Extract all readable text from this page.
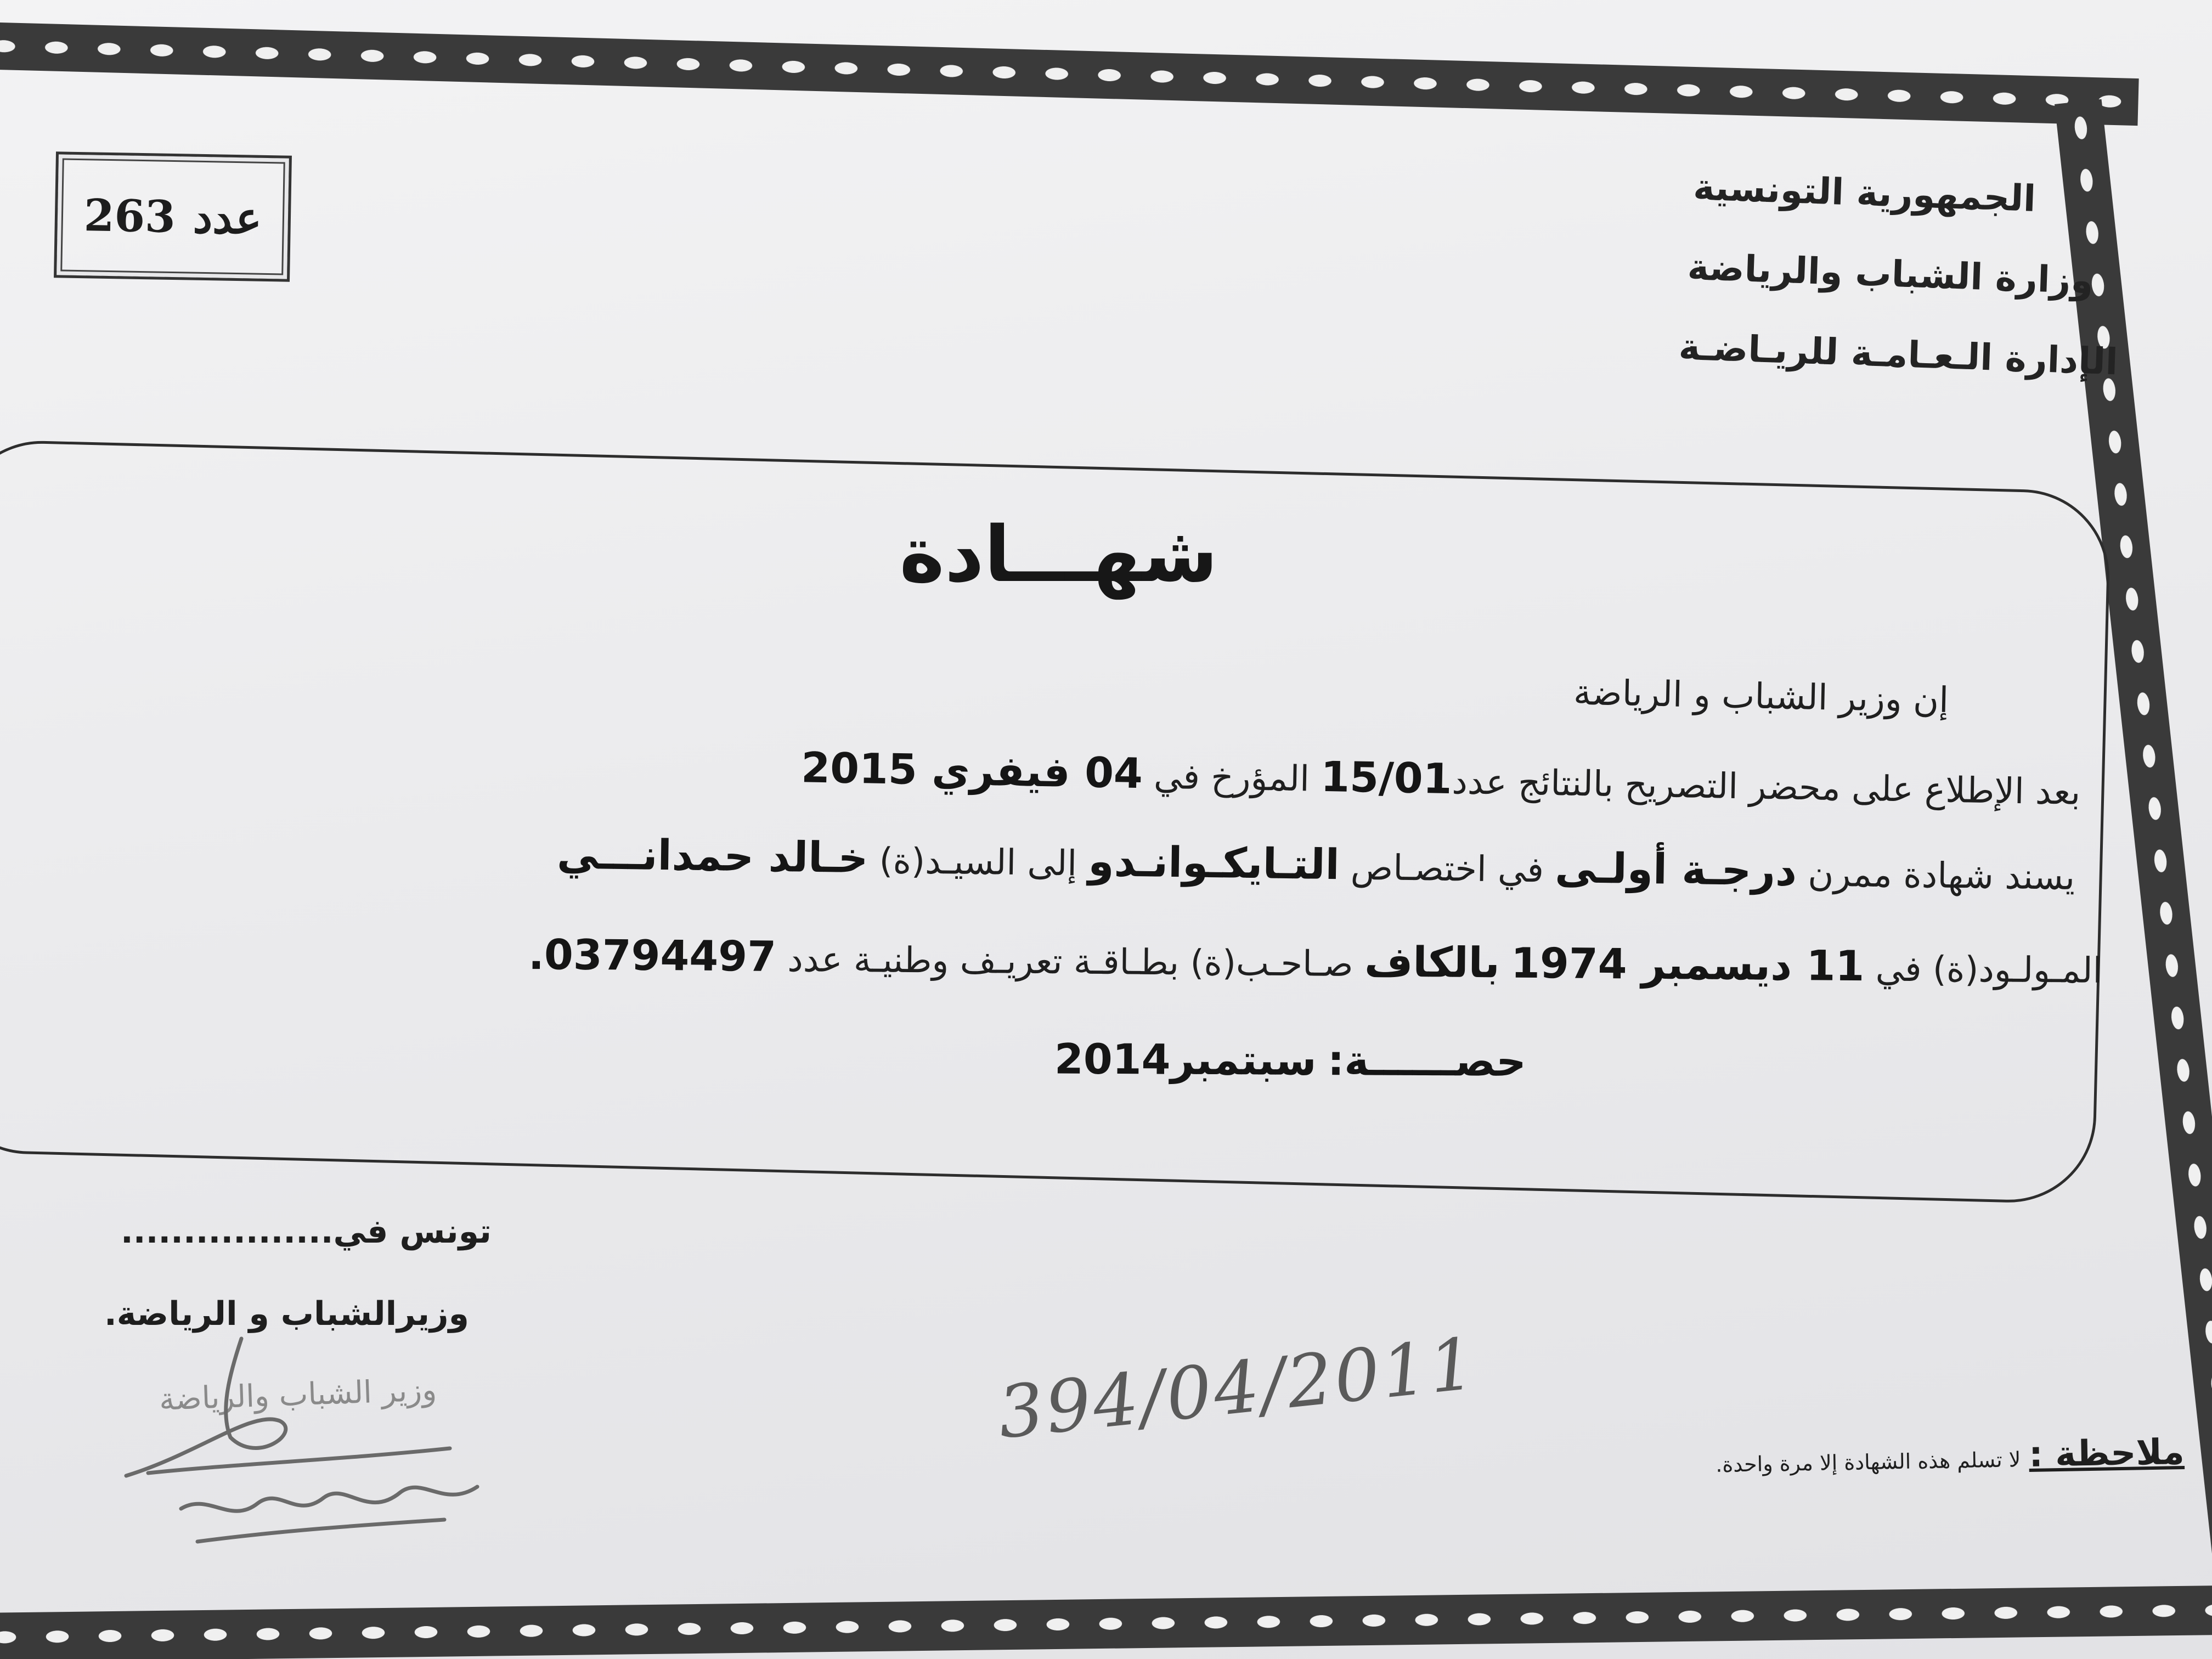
عدد
263	الجمهورية التونسية
وزارة الشباب والرياضة
الإدارة الـعـامـة للريـاضـة
شهـــادة
إن وزير الشباب و الرياضة
بعد الإطلاع على محضر التصريح بالنتائج عدد15/01 المؤرخ في 04 فيفري 2015
يسند شهادة ممرن درجـة أولـى في اختصـاص التـايكـوانـدو إلى السيـد(ة) خـالد حمدانـــي
المـولـود(ة) في 11 ديسمبر 1974 بالكاف صـاحـب(ة) بطـاقـة تعريـف وطنيـة عدد 03794497.
حصــــــة: سبتمبر2014
تونس في.................
وزيرالشباب و الرياضة.
وزير الشباب والرياضة	394/04/2011	ملاحظة : لا تسلم هذه الشهادة إلا مرة واحدة.
